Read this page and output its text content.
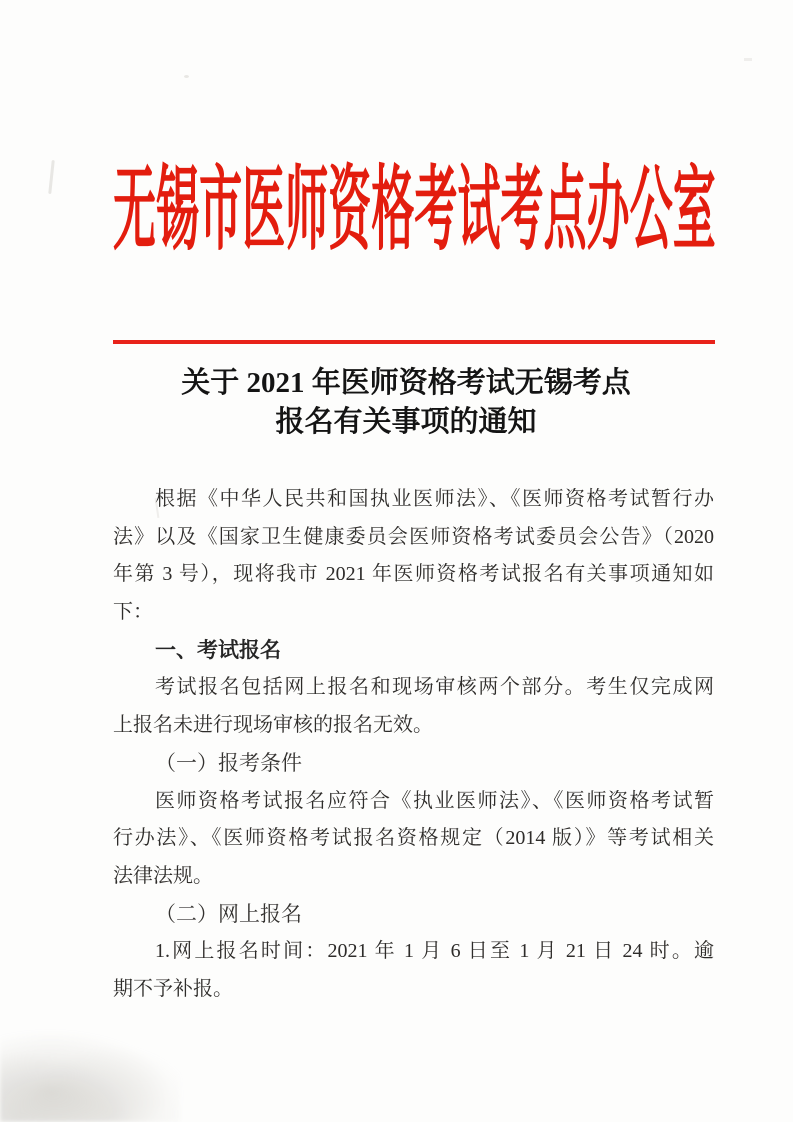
无锡市医师资格考试考点办公室
关于 2021 年医师资格考试无锡考点
报名有关事项的通知
根据《中华人民共和国执业医师法》、《医师资格考试暂行办
法》以及《国家卫生健康委员会医师资格考试委员会公告》（2020
年第 3 号），现将我市 2021 年医师资格考试报名有关事项通知如
下：
一、考试报名
考试报名包括网上报名和现场审核两个部分。考生仅完成网
上报名未进行现场审核的报名无效。
（一）报考条件
医师资格考试报名应符合《执业医师法》、《医师资格考试暂
行办法》、《医师资格考试报名资格规定（2014 版）》等考试相关
法律法规。
（二）网上报名
1.网上报名时间：2021 年 1 月 6 日至 1 月 21 日 24 时。逾
期不予补报。
